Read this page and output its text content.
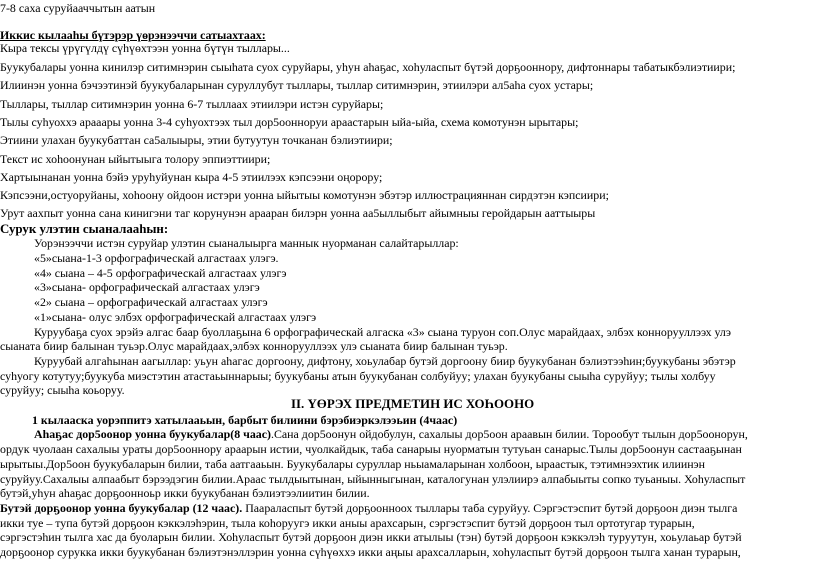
7-8 саха суруйааччытын аатын
Иккис кылааһы бүтэрэр үөрэнээччи сатыахтаах:
Кыра тексы үрүгүлдү сүһүөхтээн уонна бүтүн тыллары...
Буукубалары уонна кинилэр ситимнэрин сыыһата суох суруйары, уһун аһаҕас, хоһуласпыт бүтэй дорҕооннору, дифтоннары табатыкбэлиэтиири;
Илиинэн уонна бэчээтинэй буукубаларынан суруллубут тыллары, тыллар ситимнэрин, этиилэри ал5аһа суох устары;
Тыллары, тыллар ситимнэрин уонна 6-7 тыллаах этиилэри истэн суруйары;
Тылы суһуоххэ арааары уонна 3-4 суһуохтээх тыл дор5оонноруи араастарын ыйа-ыйа, схема комотунэн ырытары;
Этиини улахан буукубаттан са5алыыры, этии бутуутун точканан бэлиэтиири;
Текст ис хоһоонунан ыйытыыга толору эппиэттиири;
Хартыынанан уонна бэйэ уруһуйунан кыра 4-5 этиилээх кэпсээни оңорору;
Кэпсээни,остуоруйаны, хоһоону ойдоон истэри уонна ыйытыы комотунэн эбэтэр иллюстрацияннан сирдэтэн кэпсиири;
Урут аахпыт уонна сана кинигэни таг корунунэн арааран билэрн уонна аа5ыллыбыт айымныы геройдарын ааттыыры
Сурук улэтин сыаналааһын:
Уорэнээччи истэн суруйар улэтин сыаналыырга маннык нуорманан салайтарыллар:
«5»сыана-1-3 орфографическай алгастаах улэгэ.
«4» сыана – 4-5 орфографическай алгастаах улэгэ
«3»сыана- орфографическай алгастаах улэгэ
«2» сыана – орфографическай алгастаах улэгэ
«1»сыана- олус элбэх орфографическай алгастаах улэгэ
Куруубаҕа суох эрэйэ алгас баар буоллаҕына 6 орфографическай алгаска «3» сыана туруон соп.Олус марайдаах, элбэх коннорууллээх улэ
сыаната биир балынан туьэр.Олус марайдаах,элбэх коннорууллээх улэ сыаната биир балынан туьэр.
Куруубай алгаһынан аагыллар: уьун аһагас доргоону, дифтону, хоьулабар бутэй доргоону биир буукубанан бэлиэтээһин;буукубаны эбэтэр
суһуогу котутуу;буукуба миэстэтин атастаьыннарыы; буукубаны атын буукубанан солбуйуу; улахан буукубаны сыыһа суруйуу; тылы холбуу
суруйуу; сыыһа коьоруу.
II. ҮӨРЭХ ПРЕДМЕТИН ИС ХОҺООНО
1 кылааска уорэппитэ хатылааьын, барбыт билиини бэрэбиэркэлээьин (4чаас)
Аһаҕас дор5оонор уонна буукубалар(8 чаас).Сана дор5оонун ойдобулун, сахалыы дор5оон араавын билии. Торообут тылын дор5оонорун,
ордук чуолаан сахалыы ураты дор5ооннору араарын истии, чуолкайдык, таба санарыы нуорматын тутуьан санарыс.Тылы дор5оонун састааҕынан
ырытыы.Дор5оон буукубаларын билии, таба аатгааьын. Буукубалары суруллар ньыамаларынан холбоон, ыраастык, тэтимнээхтик илиинэн
суруйуу.Сахалыы алпаабыт бэрээдэгин билии.Араас тылдыытынан, ыйынныгынан, каталогунан улэлиирэ алпабыыты сопко туьаныы. Хоһуласпыт
бутэй,уһун аһаҕас дорҕоонноьр икки буукубанан бэлиэтээлиитин билии.
Бутэй дорҕоонор уонна буукубалар (12 чаас). Паараласпыт бутэй дорҕоонноох тыллары таба суруйуу. Сэргэстэспит бутэй дорҕоон диэн тылга
икки туе – тупа бутэй дорҕоон кэккэлэһэрин, тыла коһоруугэ икки аныы арахсарын, сэргэстэспит бутэй дорҕоон тыл ортотугар турарын,
сэргэстэһин тылга хас да буоларын билии. Хоһуласпыт бутэй дорҕоон диэн икки атылыы (тэн) бутэй дорҕоон кэккэлэһ туруутун, хоьулаьар бутэй
дорҕоонор сурукка икки буукубанан бэлиэтэнэллэрин уонна сүһүөххэ икки аңыы арахсалларын, хоһуласпыт бутэй дорҕоон тылга ханан турарын,
